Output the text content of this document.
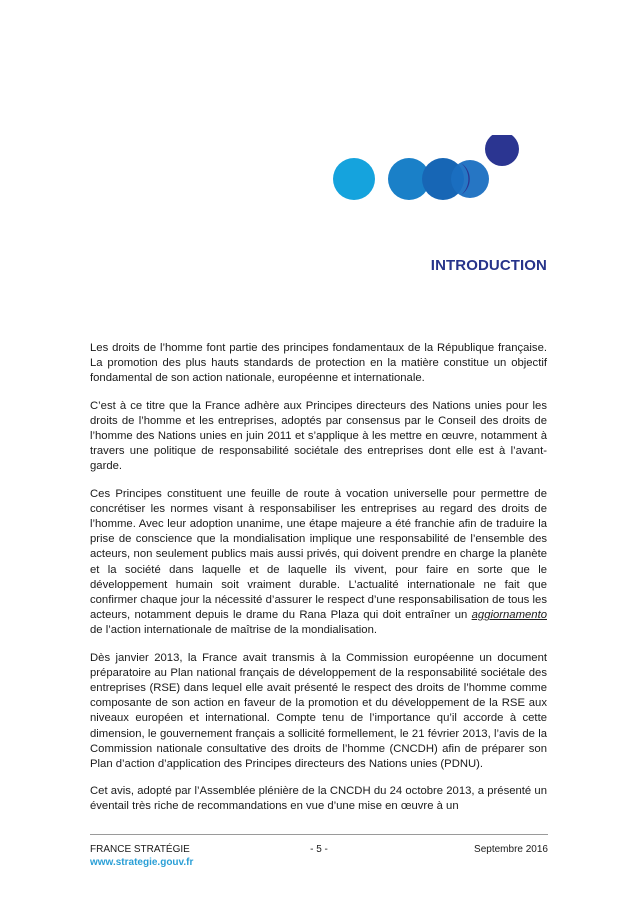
INTRODUCTION

Les droits de l’homme font partie des principes fondamentaux de la République française. La promotion des plus hauts standards de protection en la matière constitue un objectif fondamental de son action nationale, européenne et internationale.

C’est à ce titre que la France adhère aux Principes directeurs des Nations unies pour les droits de l’homme et les entreprises, adoptés par consensus par le Conseil des droits de l’homme des Nations unies en juin 2011 et s’applique à les mettre en œuvre, notamment à travers une politique de responsabilité sociétale des entreprises dont elle est à l’avant-garde.

Ces Principes constituent une feuille de route à vocation universelle pour permettre de concrétiser les normes visant à responsabiliser les entreprises au regard des droits de l’homme. Avec leur adoption unanime, une étape majeure a été franchie afin de traduire la prise de conscience que la mondialisation implique une responsabilité de l’ensemble des acteurs, non seulement publics mais aussi privés, qui doivent prendre en charge la planète et la société dans laquelle et de laquelle ils vivent, pour faire en sorte que le développement humain soit vraiment durable. L’actualité internationale ne fait que confirmer chaque jour la nécessité d’assurer le respect d’une responsabilisation de tous les acteurs, notamment depuis le drame du Rana Plaza qui doit entraîner un aggiornamento de l’action internationale de maîtrise de la mondialisation.

Dès janvier 2013, la France avait transmis à la Commission européenne un document préparatoire au Plan national français de développement de la responsabilité sociétale des entreprises (RSE) dans lequel elle avait présenté le respect des droits de l’homme comme composante de son action en faveur de la promotion et du développement de la RSE aux niveaux européen et international. Compte tenu de l’importance qu’il accorde à cette dimension, le gouvernement français a sollicité formellement, le 21 février 2013, l’avis de la Commission nationale consultative des droits de l’homme (CNCDH) afin de préparer son Plan d’action d’application des Principes directeurs des Nations unies (PDNU).

Cet avis, adopté par l’Assemblée plénière de la CNCDH du 24 octobre 2013, a présenté un éventail très riche de recommandations en vue d’une mise en œuvre à un

FRANCE STRATÉGIE	- 5 -	Septembre 2016
www.strategie.gouv.fr
